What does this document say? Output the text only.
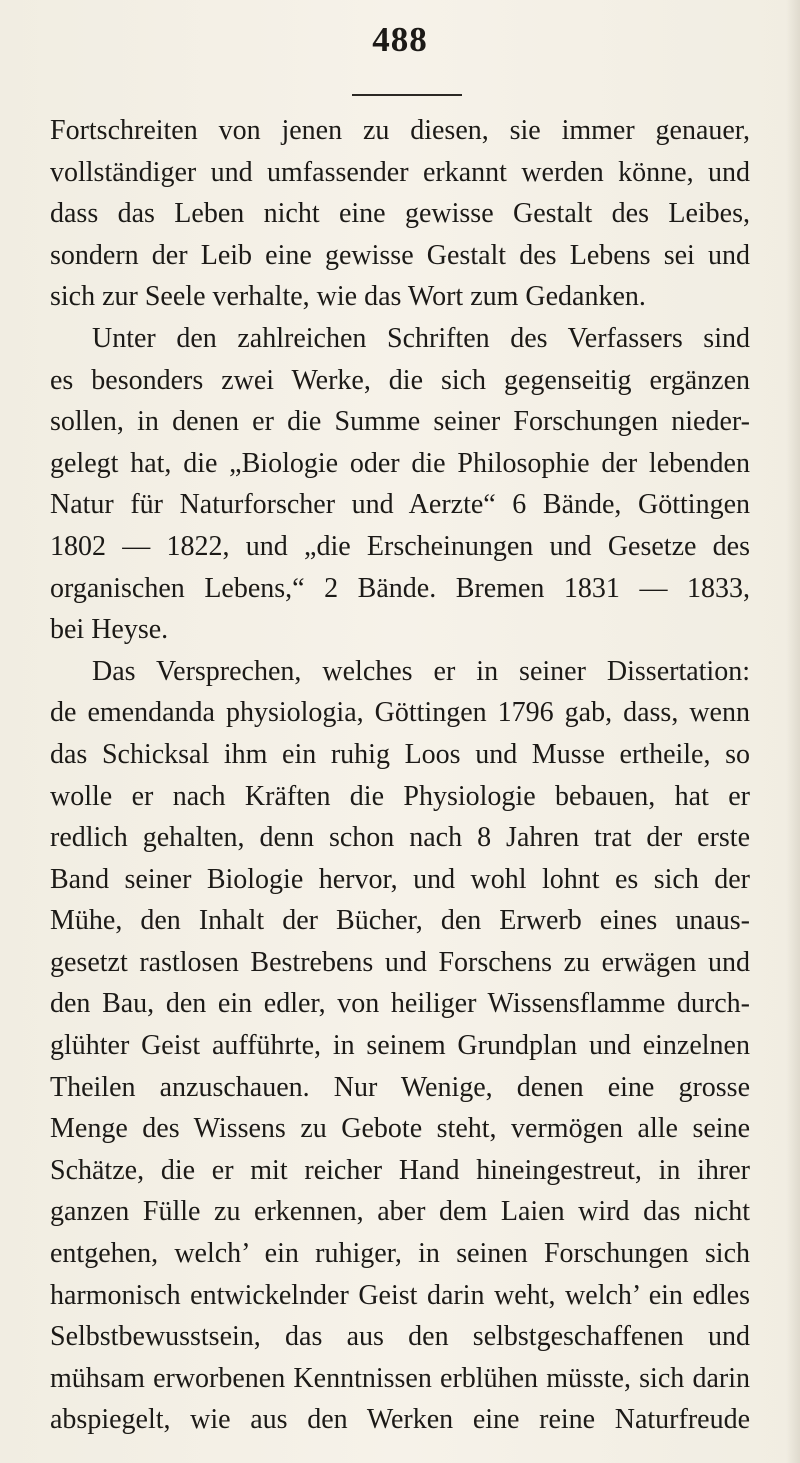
488
Fortschreiten von jenen zu diesen, sie immer genauer,
vollständiger und umfassender erkannt werden könne, und
dass das Leben nicht eine gewisse Gestalt des Leibes,
sondern der Leib eine gewisse Gestalt des Lebens sei und
sich zur Seele verhalte, wie das Wort zum Gedanken.
Unter den zahlreichen Schriften des Verfassers sind
es besonders zwei Werke, die sich gegenseitig ergänzen
sollen, in denen er die Summe seiner Forschungen nieder-
gelegt hat, die „Biologie oder die Philosophie der lebenden
Natur für Naturforscher und Aerzte“ 6 Bände, Göttingen
1802 — 1822, und „die Erscheinungen und Gesetze des
organischen Lebens,“ 2 Bände. Bremen 1831 — 1833,
bei Heyse.
Das Versprechen, welches er in seiner Dissertation:
de emendanda physiologia, Göttingen 1796 gab, dass, wenn
das Schicksal ihm ein ruhig Loos und Musse ertheile, so
wolle er nach Kräften die Physiologie bebauen, hat er
redlich gehalten, denn schon nach 8 Jahren trat der erste
Band seiner Biologie hervor, und wohl lohnt es sich der
Mühe, den Inhalt der Bücher, den Erwerb eines unaus-
gesetzt rastlosen Bestrebens und Forschens zu erwägen und
den Bau, den ein edler, von heiliger Wissensflamme durch-
glühter Geist aufführte, in seinem Grundplan und einzelnen
Theilen anzuschauen. Nur Wenige, denen eine grosse
Menge des Wissens zu Gebote steht, vermögen alle seine
Schätze, die er mit reicher Hand hineingestreut, in ihrer
ganzen Fülle zu erkennen, aber dem Laien wird das nicht
entgehen, welch’ ein ruhiger, in seinen Forschungen sich
harmonisch entwickelnder Geist darin weht, welch’ ein edles
Selbstbewusstsein, das aus den selbstgeschaffenen und
mühsam erworbenen Kenntnissen erblühen müsste, sich darin
abspiegelt, wie aus den Werken eine reine Naturfreude
